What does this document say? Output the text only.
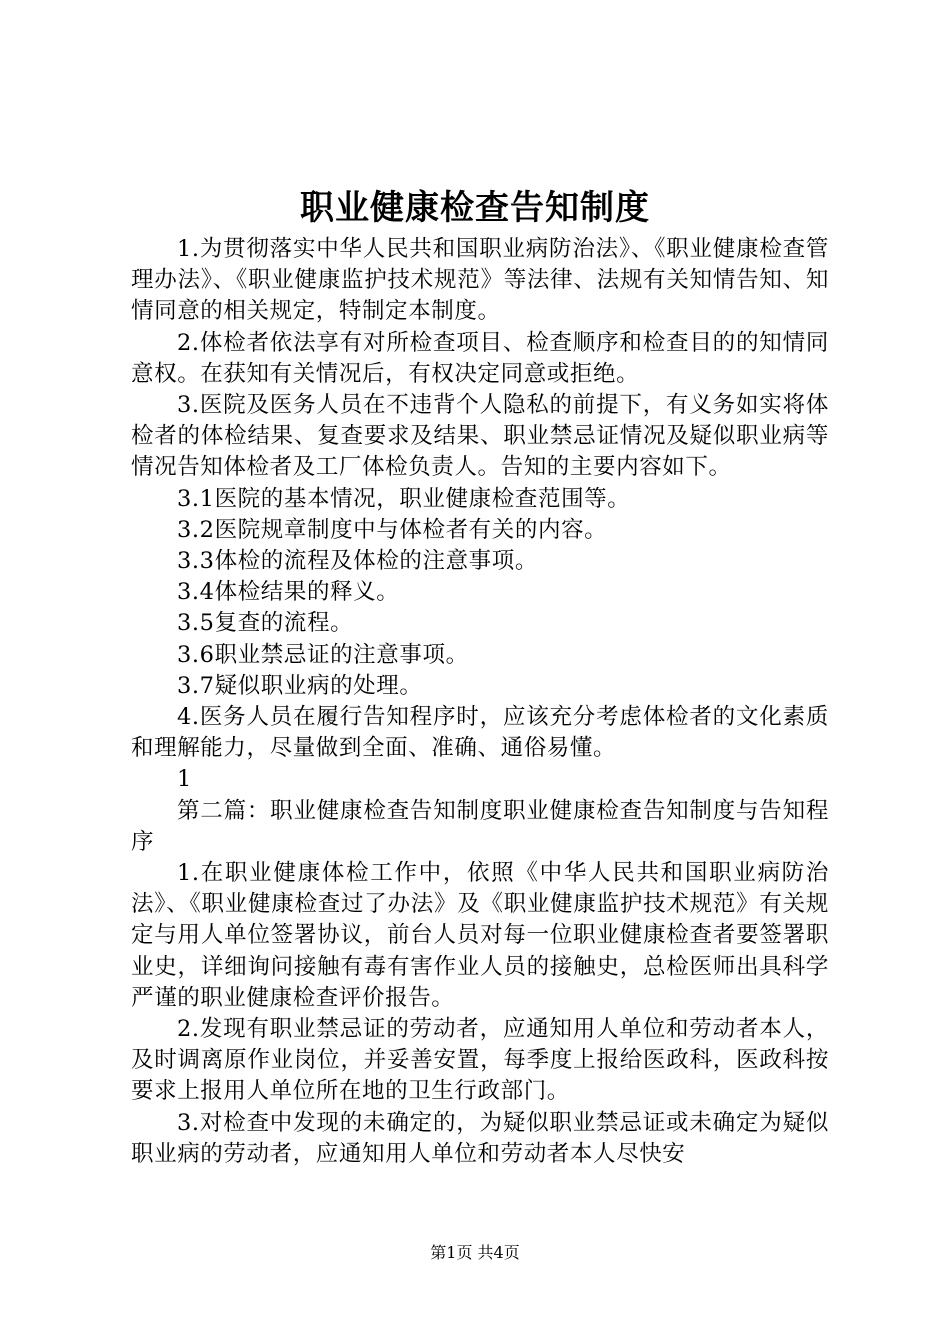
职业健康检查告知制度

1.为贯彻落实中华人民共和国职业病防治法》、《职业健康检查管理办法》、《职业健康监护技术规范》等法律、法规有关知情告知、知情同意的相关规定，特制定本制度。

2.体检者依法享有对所检查项目、检查顺序和检查目的的知情同意权。在获知有关情况后，有权决定同意或拒绝。

3.医院及医务人员在不违背个人隐私的前提下，有义务如实将体检者的体检结果、复查要求及结果、职业禁忌证情况及疑似职业病等情况告知体检者及工厂体检负责人。告知的主要内容如下。

3.1医院的基本情况，职业健康检查范围等。

3.2医院规章制度中与体检者有关的内容。

3.3体检的流程及体检的注意事项。

3.4体检结果的释义。

3.5复查的流程。

3.6职业禁忌证的注意事项。

3.7疑似职业病的处理。

4.医务人员在履行告知程序时，应该充分考虑体检者的文化素质和理解能力，尽量做到全面、准确、通俗易懂。

1

第二篇：职业健康检查告知制度职业健康检查告知制度与告知程序

1.在职业健康体检工作中，依照《中华人民共和国职业病防治法》、《职业健康检查过了办法》及《职业健康监护技术规范》有关规定与用人单位签署协议，前台人员对每一位职业健康检查者要签署职业史，详细询问接触有毒有害作业人员的接触史，总检医师出具科学严谨的职业健康检查评价报告。

2.发现有职业禁忌证的劳动者，应通知用人单位和劳动者本人，及时调离原作业岗位，并妥善安置，每季度上报给医政科，医政科按要求上报用人单位所在地的卫生行政部门。

3.对检查中发现的未确定的，为疑似职业禁忌证或未确定为疑似职业病的劳动者，应通知用人单位和劳动者本人尽快安

第1页 共4页
